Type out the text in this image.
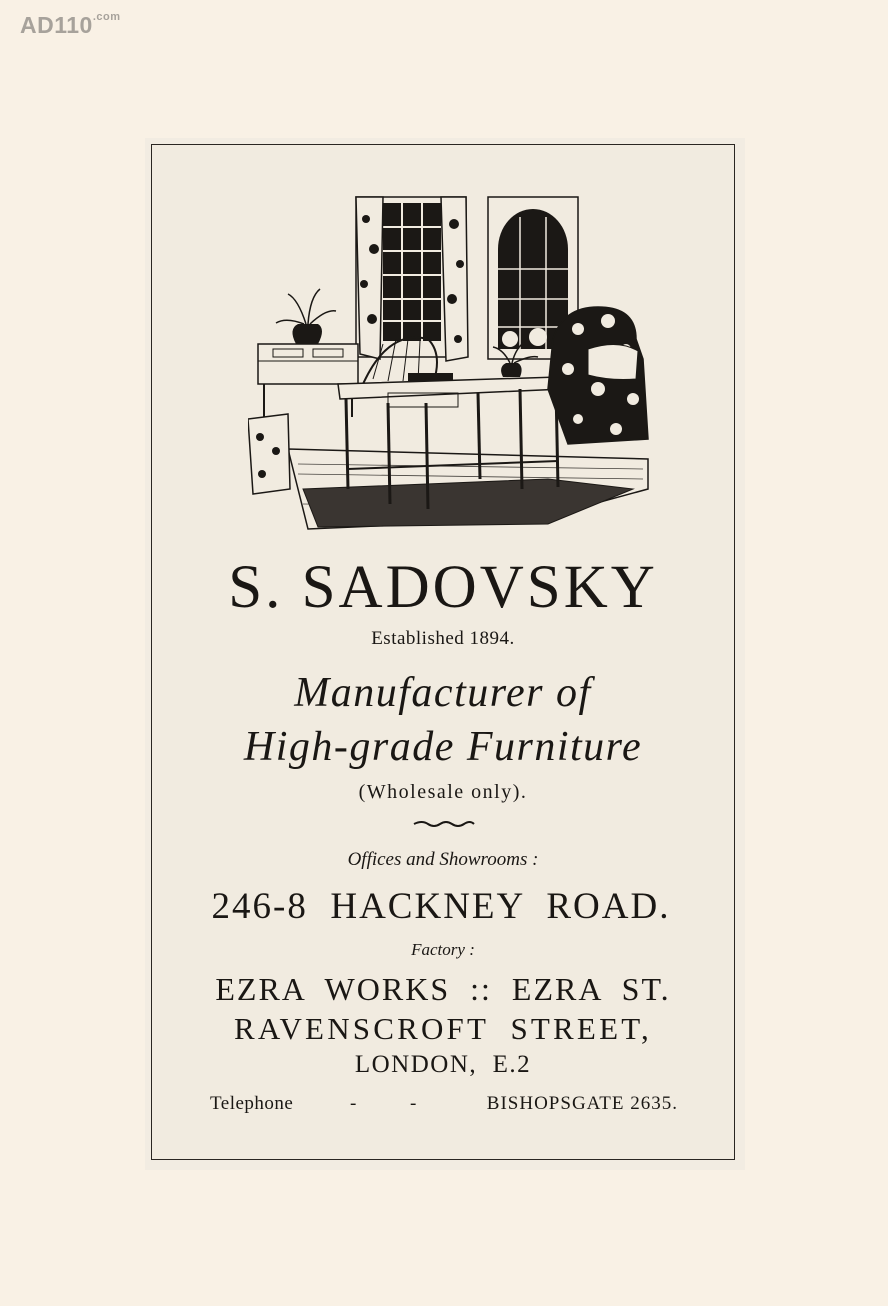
$AD110^{.com}$
S. SADOVSKY
Established 1894.
Manufacturer of
High-grade Furniture
(Wholesale only).
Offices and Showrooms :
246-8  HACKNEY  ROAD.
Factory :
EZRA  WORKS  ::  EZRA  ST.
RAVENSCROFT  STREET,
LONDON,  E.2
Telephone	-	-	BISHOPSGATE 2635.
